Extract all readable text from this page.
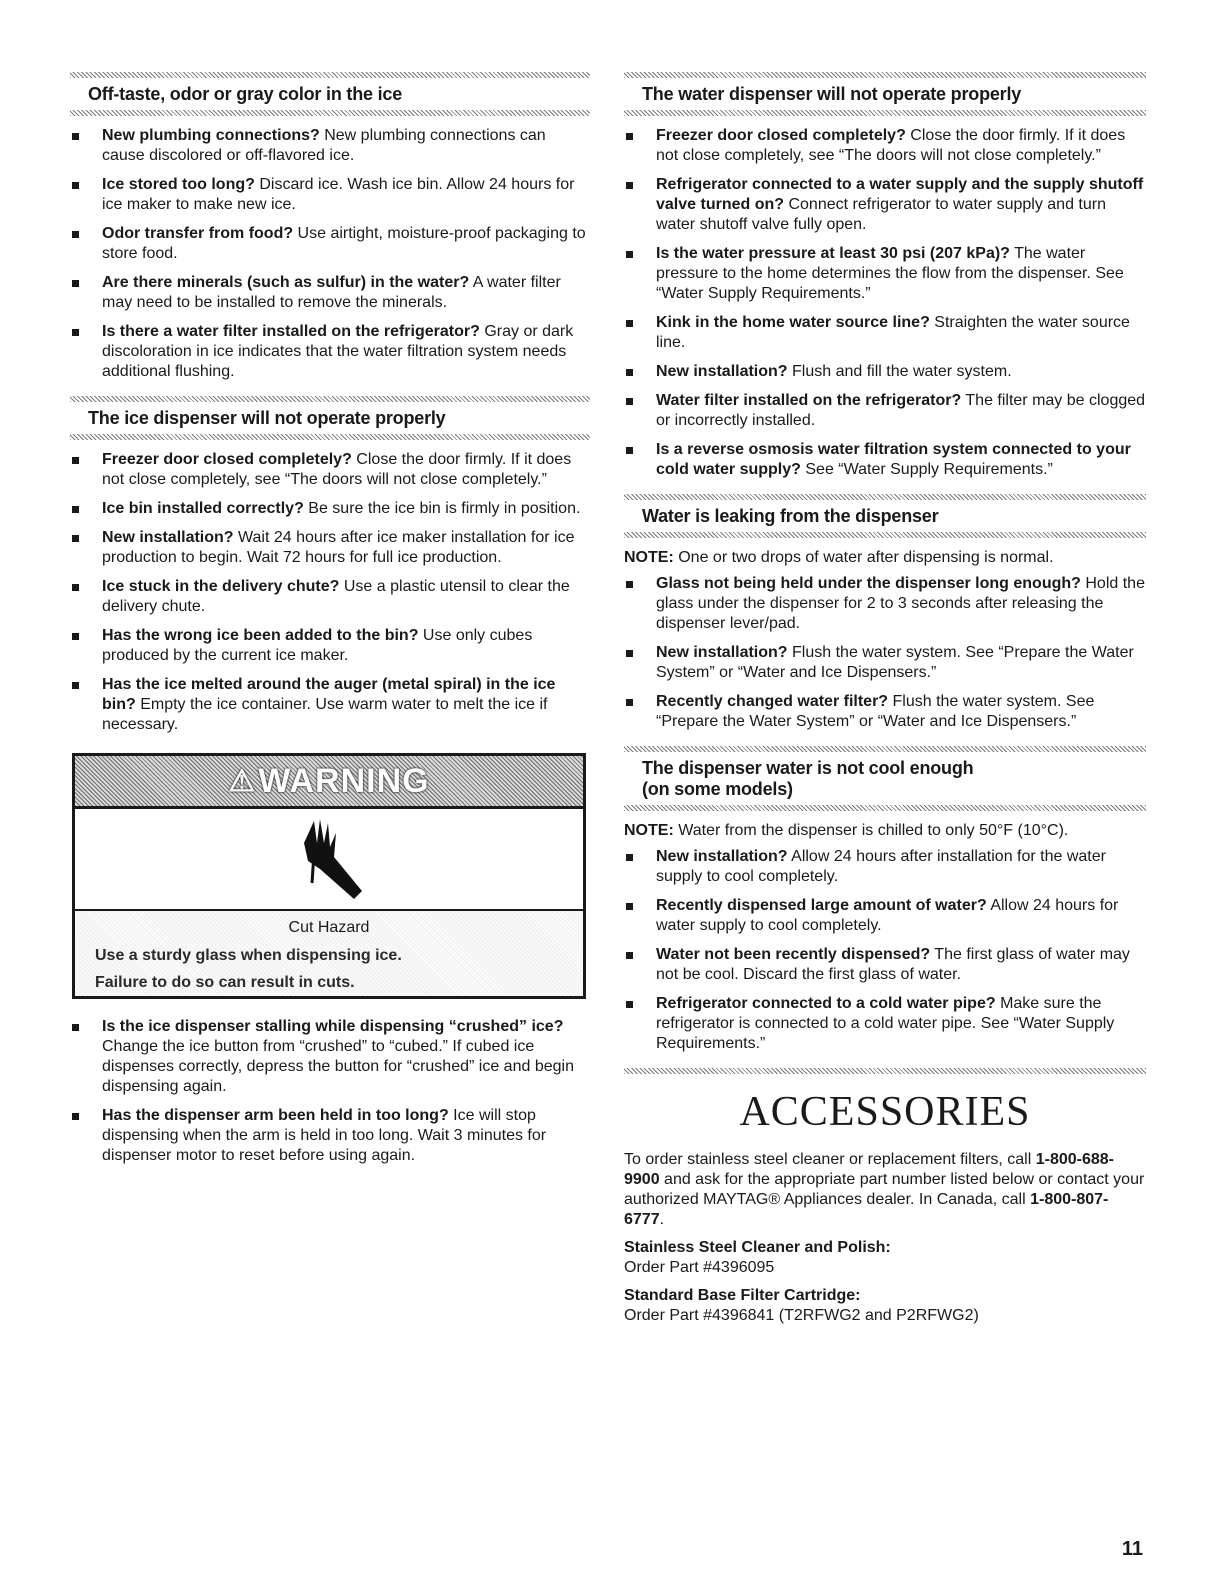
Off-taste, odor or gray color in the ice
New plumbing connections? New plumbing connections can cause discolored or off-flavored ice.
Ice stored too long? Discard ice. Wash ice bin. Allow 24 hours for ice maker to make new ice.
Odor transfer from food? Use airtight, moisture-proof packaging to store food.
Are there minerals (such as sulfur) in the water? A water filter may need to be installed to remove the minerals.
Is there a water filter installed on the refrigerator? Gray or dark discoloration in ice indicates that the water filtration system needs additional flushing.
The ice dispenser will not operate properly
Freezer door closed completely? Close the door firmly. If it does not close completely, see “The doors will not close completely.”
Ice bin installed correctly? Be sure the ice bin is firmly in position.
New installation? Wait 24 hours after ice maker installation for ice production to begin. Wait 72 hours for full ice production.
Ice stuck in the delivery chute? Use a plastic utensil to clear the delivery chute.
Has the wrong ice been added to the bin? Use only cubes produced by the current ice maker.
Has the ice melted around the auger (metal spiral) in the ice bin? Empty the ice container. Use warm water to melt the ice if necessary.
⚠ WARNING
Cut Hazard

Use a sturdy glass when dispensing ice.

Failure to do so can result in cuts.

Is the ice dispenser stalling while dispensing “crushed” ice? Change the ice button from “crushed” to “cubed.” If cubed ice dispenses correctly, depress the button for “crushed” ice and begin dispensing again.
Has the dispenser arm been held in too long? Ice will stop dispensing when the arm is held in too long. Wait 3 minutes for dispenser motor to reset before using again.
The water dispenser will not operate properly
Freezer door closed completely? Close the door firmly. If it does not close completely, see “The doors will not close completely.”
Refrigerator connected to a water supply and the supply shutoff valve turned on? Connect refrigerator to water supply and turn water shutoff valve fully open.
Is the water pressure at least 30 psi (207 kPa)? The water pressure to the home determines the flow from the dispenser. See “Water Supply Requirements.”
Kink in the home water source line? Straighten the water source line.
New installation? Flush and fill the water system.
Water filter installed on the refrigerator? The filter may be clogged or incorrectly installed.
Is a reverse osmosis water filtration system connected to your cold water supply? See “Water Supply Requirements.”
Water is leaking from the dispenser

NOTE: One or two drops of water after dispensing is normal.

Glass not being held under the dispenser long enough? Hold the glass under the dispenser for 2 to 3 seconds after releasing the dispenser lever/pad.
New installation? Flush the water system. See “Prepare the Water System” or “Water and Ice Dispensers.”
Recently changed water filter? Flush the water system. See “Prepare the Water System” or “Water and Ice Dispensers.”
The dispenser water is not cool enough
(on some models)

NOTE: Water from the dispenser is chilled to only 50°F (10°C).

New installation? Allow 24 hours after installation for the water supply to cool completely.
Recently dispensed large amount of water? Allow 24 hours for water supply to cool completely.
Water not been recently dispensed? The first glass of water may not be cool. Discard the first glass of water.
Refrigerator connected to a cold water pipe? Make sure the refrigerator is connected to a cold water pipe. See “Water Supply Requirements.”
ACCESSORIES

To order stainless steel cleaner or replacement filters, call 1-800-688-9900 and ask for the appropriate part number listed below or contact your authorized MAYTAG® Appliances dealer. In Canada, call 1-800-807-6777.

Stainless Steel Cleaner and Polish:
Order Part #4396095

Standard Base Filter Cartridge:
Order Part #4396841 (T2RFWG2 and P2RFWG2)

11
